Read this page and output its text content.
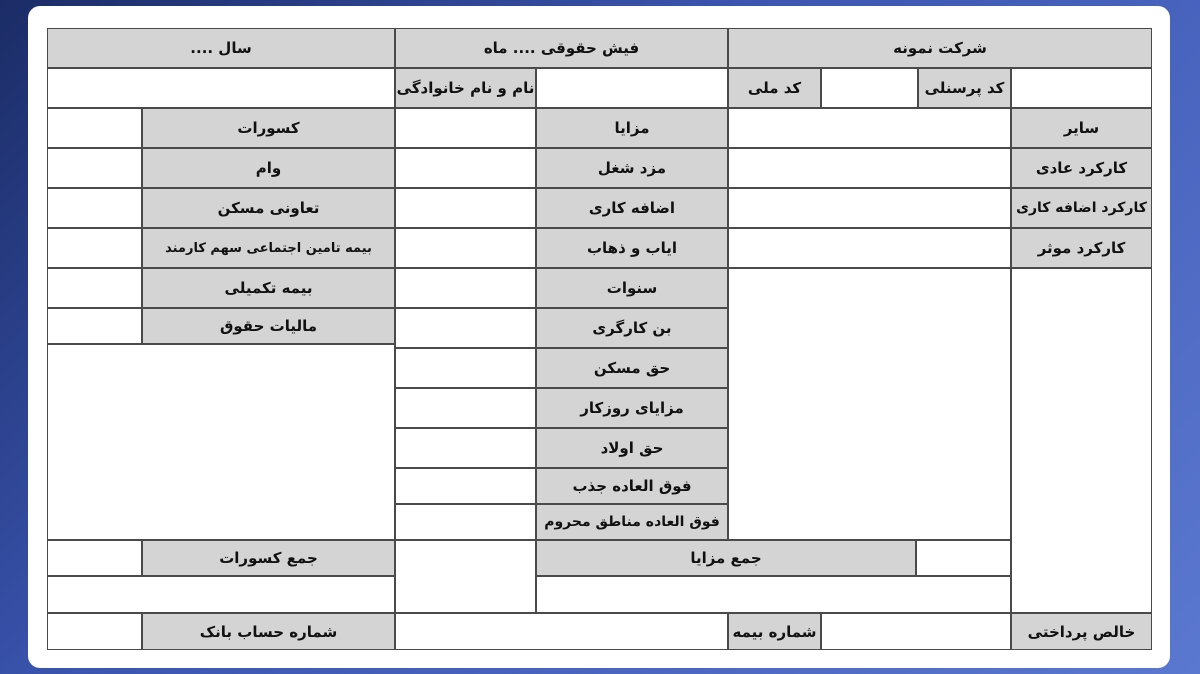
شرکت نمونه
فیش حقوقی .... ماه
سال ....
کد پرسنلی
کد ملی
نام و نام خانوادگی
سایر
کارکرد عادی
کارکرد اضافه کاری
کارکرد موثر
مزایا
مزد شغل
اضافه کاری
ایاب و ذهاب
سنوات
بن کارگری
حق مسکن
مزایای روزکار
حق اولاد
فوق العاده جذب
فوق العاده مناطق محروم
کسورات
وام
تعاونی مسکن
بیمه تامین اجتماعی سهم کارمند
بیمه تکمیلی
مالیات حقوق
جمع مزایا
جمع کسورات
خالص پرداختی
شماره بیمه
شماره حساب بانک
